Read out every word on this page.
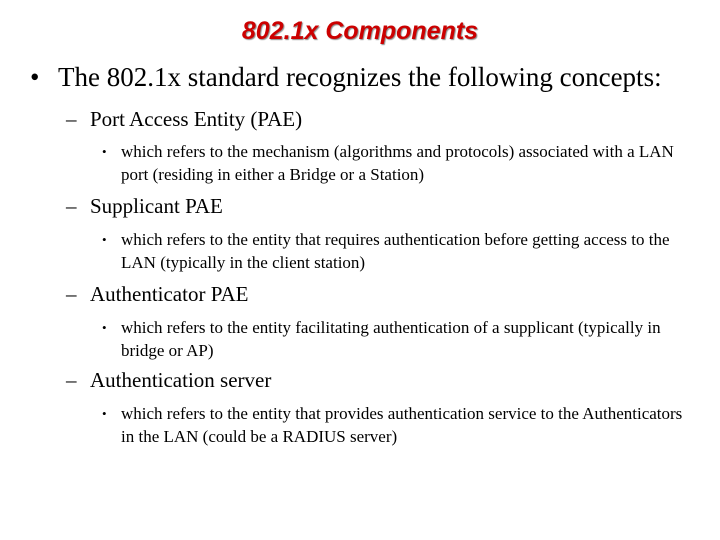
802.1x Components
• The 802.1x standard recognizes the following concepts:
– Port Access Entity (PAE)
• which refers to the mechanism (algorithms and protocols) associated with a LAN port (residing in either a Bridge or a Station)
– Supplicant PAE
• which refers to the entity that requires authentication before getting access to the LAN (typically in the client station)
– Authenticator PAE
• which refers to the entity facilitating authentication of a supplicant (typically in bridge or AP)
– Authentication server
• which refers to the entity that provides authentication service to the Authenticators in the LAN (could be a RADIUS server)
